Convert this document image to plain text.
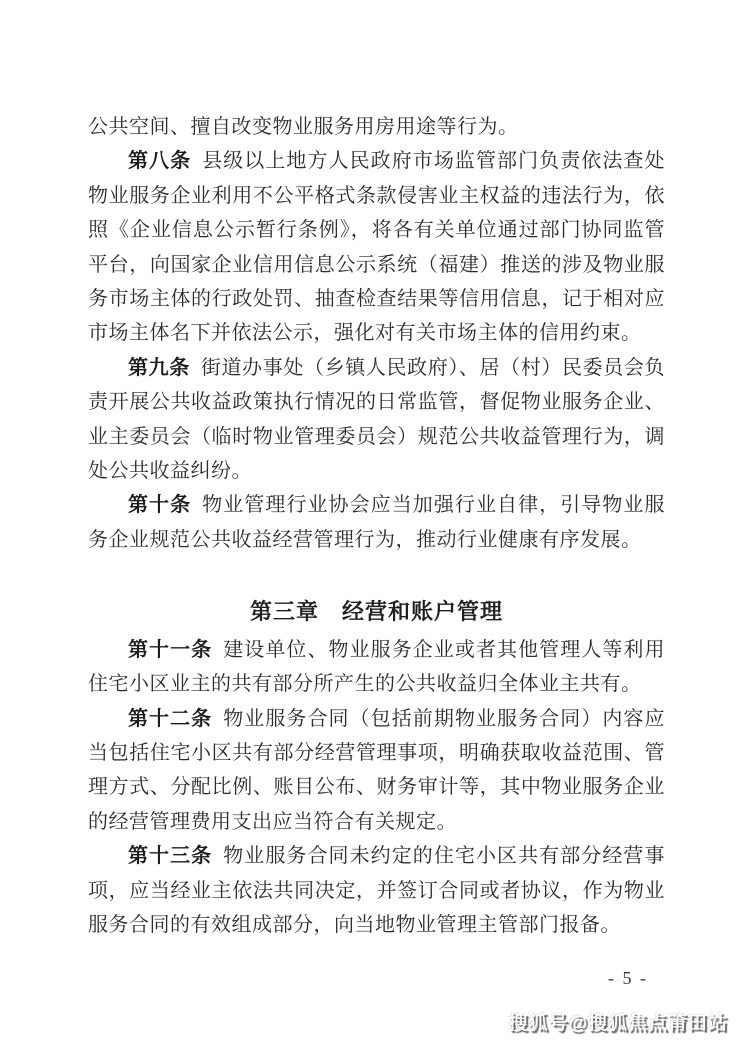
公共空间、擅自改变物业服务用房用途等行为。

第八条 县级以上地方人民政府市场监管部门负责依法查处物业服务企业利用不公平格式条款侵害业主权益的违法行为，依照《企业信息公示暂行条例》，将各有关单位通过部门协同监管平台，向国家企业信用信息公示系统（福建）推送的涉及物业服务市场主体的行政处罚、抽查检查结果等信用信息，记于相对应市场主体名下并依法公示，强化对有关市场主体的信用约束。

第九条 街道办事处（乡镇人民政府）、居（村）民委员会负责开展公共收益政策执行情况的日常监管，督促物业服务企业、业主委员会（临时物业管理委员会）规范公共收益管理行为，调处公共收益纠纷。

第十条 物业管理行业协会应当加强行业自律，引导物业服务企业规范公共收益经营管理行为，推动行业健康有序发展。

第三章　经营和账户管理

第十一条 建设单位、物业服务企业或者其他管理人等利用住宅小区业主的共有部分所产生的公共收益归全体业主共有。

第十二条 物业服务合同（包括前期物业服务合同）内容应当包括住宅小区共有部分经营管理事项，明确获取收益范围、管理方式、分配比例、账目公布、财务审计等，其中物业服务企业的经营管理费用支出应当符合有关规定。

第十三条 物业服务合同未约定的住宅小区共有部分经营事项，应当经业主依法共同决定，并签订合同或者协议，作为物业服务合同的有效组成部分，向当地物业管理主管部门报备。

- 5 -
搜狐号@搜狐焦点莆田站
